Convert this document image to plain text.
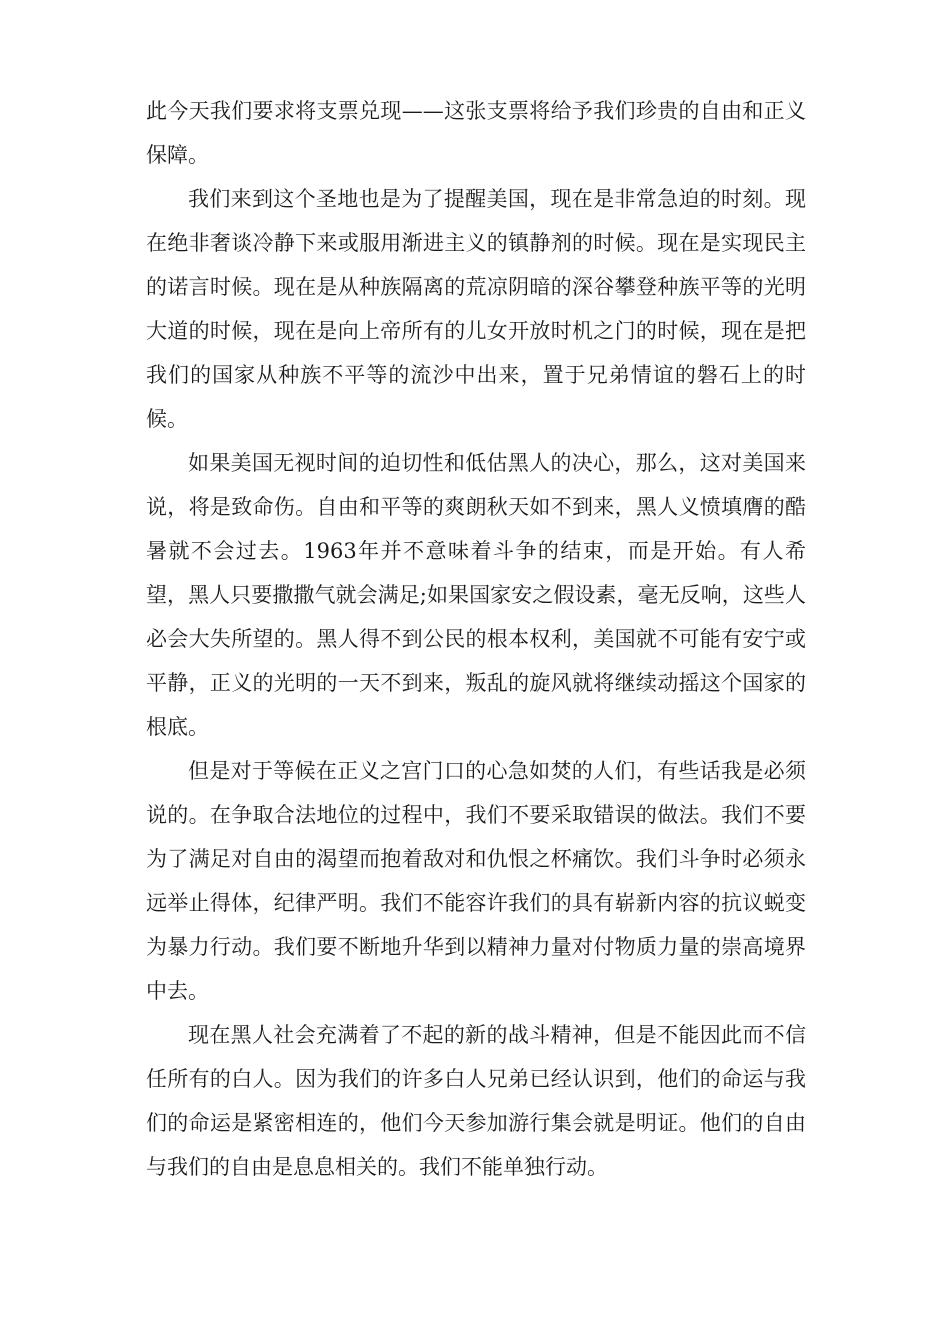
此今天我们要求将支票兑现——这张支票将给予我们珍贵的自由和正义保障。

我们来到这个圣地也是为了提醒美国，现在是非常急迫的时刻。现在绝非奢谈冷静下来或服用渐进主义的镇静剂的时候。现在是实现民主的诺言时候。现在是从种族隔离的荒凉阴暗的深谷攀登种族平等的光明大道的时候，现在是向上帝所有的儿女开放时机之门的时候，现在是把我们的国家从种族不平等的流沙中出来，置于兄弟情谊的磐石上的时候。

如果美国无视时间的迫切性和低估黑人的决心，那么，这对美国来说，将是致命伤。自由和平等的爽朗秋天如不到来，黑人义愤填膺的酷暑就不会过去。1963年并不意味着斗争的结束，而是开始。有人希望，黑人只要撒撒气就会满足;如果国家安之假设素，毫无反响，这些人必会大失所望的。黑人得不到公民的根本权利，美国就不可能有安宁或平静，正义的光明的一天不到来，叛乱的旋风就将继续动摇这个国家的根底。

但是对于等候在正义之宫门口的心急如焚的人们，有些话我是必须说的。在争取合法地位的过程中，我们不要采取错误的做法。我们不要为了满足对自由的渴望而抱着敌对和仇恨之杯痛饮。我们斗争时必须永远举止得体，纪律严明。我们不能容许我们的具有崭新内容的抗议蜕变为暴力行动。我们要不断地升华到以精神力量对付物质力量的崇高境界中去。

现在黑人社会充满着了不起的新的战斗精神，但是不能因此而不信任所有的白人。因为我们的许多白人兄弟已经认识到，他们的命运与我们的命运是紧密相连的，他们今天参加游行集会就是明证。他们的自由与我们的自由是息息相关的。我们不能单独行动。
